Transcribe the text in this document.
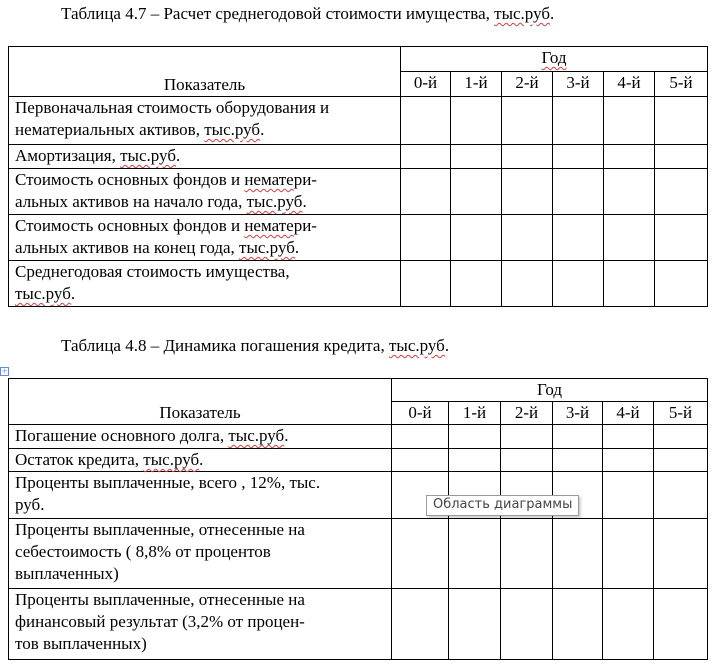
Таблица 4.7 – Расчет среднегодовой стоимости имущества, тыс.руб.
Показатель	Год					
	0-й	1-й	2-й	3-й	4-й	5-й
Первоначальная стоимость оборудования и
нематериальных активов, тыс.руб.						
Амортизация, тыс.руб.						
Стоимость основных фондов и нематери-
альных активов на начало года, тыс.руб.						
Стоимость основных фондов и нематери-
альных активов на конец года, тыс.руб.						
Среднегодовая стоимость имущества,
тыс.руб.						
Таблица 4.8 – Динамика погашения кредита, тыс.руб.
+
Показатель	Год					
	0-й	1-й	2-й	3-й	4-й	5-й
Погашение основного долга, тыс.руб.						
Остаток кредита, тыс.руб.						
Проценты выплаченные, всего , 12%, тыс.
руб.						
Проценты выплаченные, отнесенные на
себестоимость ( 8,8% от процентов
выплаченных)						
Проценты выплаченные, отнесенные на
финансовый результат (3,2% от процен-
тов выплаченных)						
Область диаграммы
